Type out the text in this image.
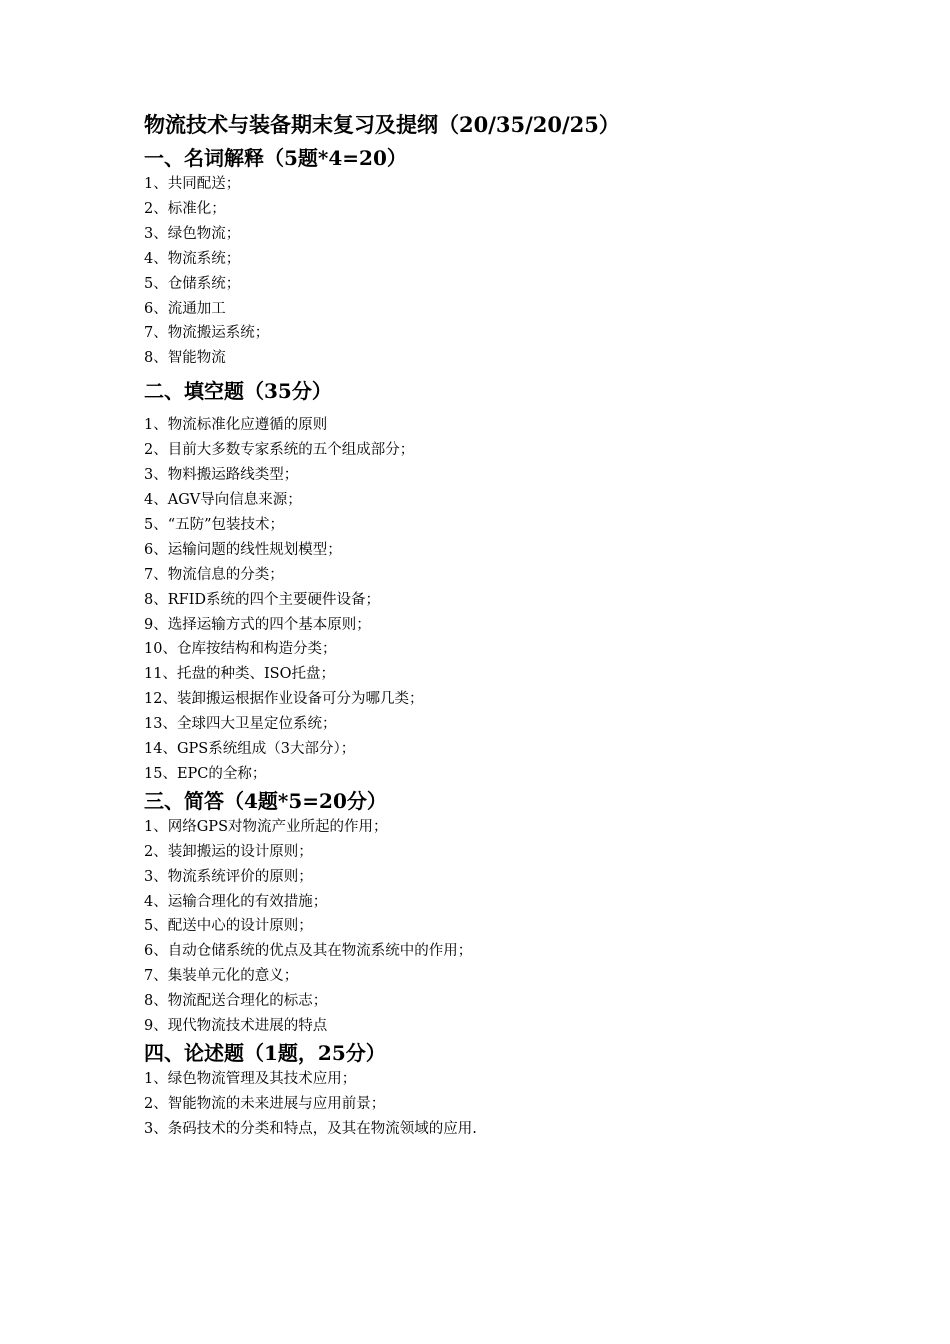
物流技术与装备期末复习及提纲（20/35/20/25）
一、名词解释（5题*4=20）
1、共同配送；
2、标准化；
3、绿色物流；
4、物流系统；
5、仓储系统；
6、流通加工
7、物流搬运系统；
8、智能物流
二、填空题（35分）
1、物流标准化应遵循的原则
2、目前大多数专家系统的五个组成部分；
3、物料搬运路线类型；
4、AGV导向信息来源；
5、“五防”包装技术；
6、运输问题的线性规划模型；
7、物流信息的分类；
8、RFID系统的四个主要硬件设备；
9、选择运输方式的四个基本原则；
10、仓库按结构和构造分类；
11、托盘的种类、ISO托盘；
12、装卸搬运根据作业设备可分为哪几类；
13、全球四大卫星定位系统；
14、GPS系统组成（3大部分）；
15、EPC的全称；
三、简答（4题*5=20分）
1、网络GPS对物流产业所起的作用；
2、装卸搬运的设计原则；
3、物流系统评价的原则；
4、运输合理化的有效措施；
5、配送中心的设计原则；
6、自动仓储系统的优点及其在物流系统中的作用；
7、集装单元化的意义；
8、物流配送合理化的标志；
9、现代物流技术进展的特点
四、论述题（1题，25分）
1、绿色物流管理及其技术应用；
2、智能物流的未来进展与应用前景；
3、条码技术的分类和特点，及其在物流领域的应用.
